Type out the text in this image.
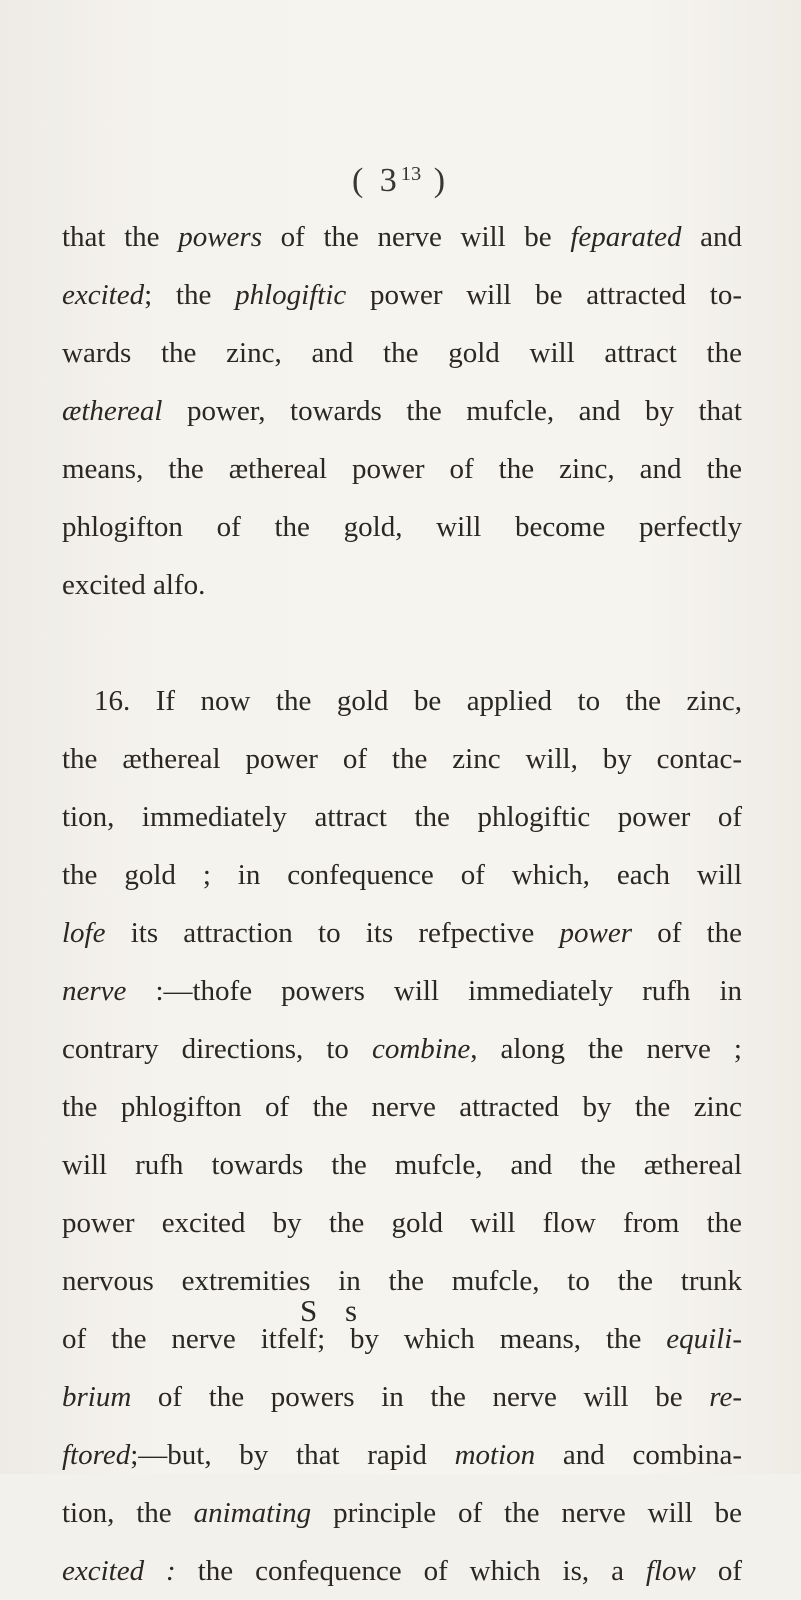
( $3^{13}$ )
that the powers of the nerve will be feparated and
excited; the phlogiftic power will be attracted to-
wards the zinc, and the gold will attract the
æthereal power, towards the mufcle, and by that
means, the æthereal power of the zinc, and the
phlogifton of the gold, will become perfectly
excited alfo.
16. If now the gold be applied to the zinc,
the æthereal power of the zinc will, by contac-
tion, immediately attract the phlogiftic power of
the gold ; in confequence of which, each will
lofe its attraction to its refpective power of the
nerve :—thofe powers will immediately rufh in
contrary directions, to combine, along the nerve ;
the phlogifton of the nerve attracted by the zinc
will rufh towards the mufcle, and the æthereal
power excited by the gold will flow from the
nervous extremities in the mufcle, to the trunk
of the nerve itfelf; by which means, the equili-
brium of the powers in the nerve will be re-
ftored;—but, by that rapid motion and combina-
tion, the animating principle of the nerve will be
excited : the confequence of which is, a flow of
S s
